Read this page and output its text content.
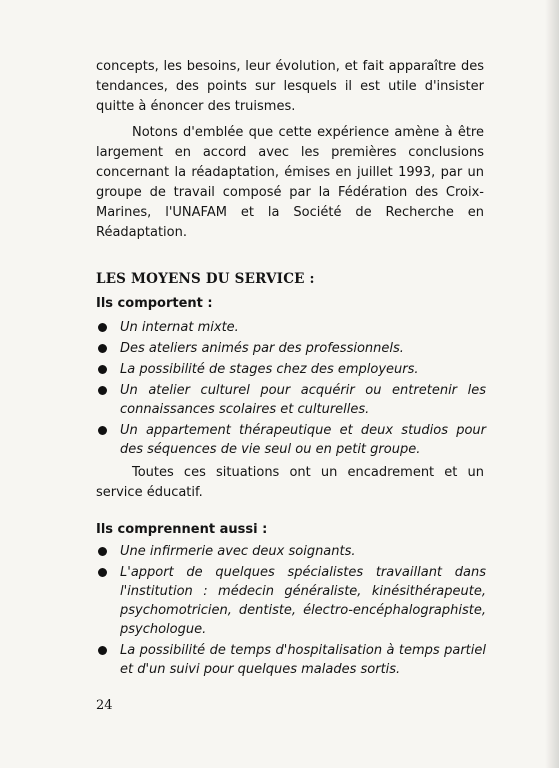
concepts, les besoins, leur évolution, et fait apparaître des tendances, des points sur lesquels il est utile d'insister quitte à énoncer des truismes.

Notons d'emblée que cette expérience amène à être largement en accord avec les premières conclusions concernant la réadaptation, émises en juillet 1993, par un groupe de travail composé par la Fédération des Croix-Marines, l'UNAFAM et la Société de Recherche en Réadaptation.

LES MOYENS DU SERVICE :
Ils comportent :
Un internat mixte.
Des ateliers animés par des professionnels.
La possibilité de stages chez des employeurs.
Un atelier culturel pour acquérir ou entretenir les connaissances scolaires et culturelles.
Un appartement thérapeutique et deux studios pour des séquences de vie seul ou en petit groupe.

Toutes ces situations ont un encadrement et un service éducatif.

Ils comprennent aussi :
Une infirmerie avec deux soignants.
L'apport de quelques spécialistes travaillant dans l'institution : médecin généraliste, kinésithérapeute, psychomotricien, dentiste, électro-encéphalographiste, psychologue.
La possibilité de temps d'hospitalisation à temps partiel et d'un suivi pour quelques malades sortis.
24
